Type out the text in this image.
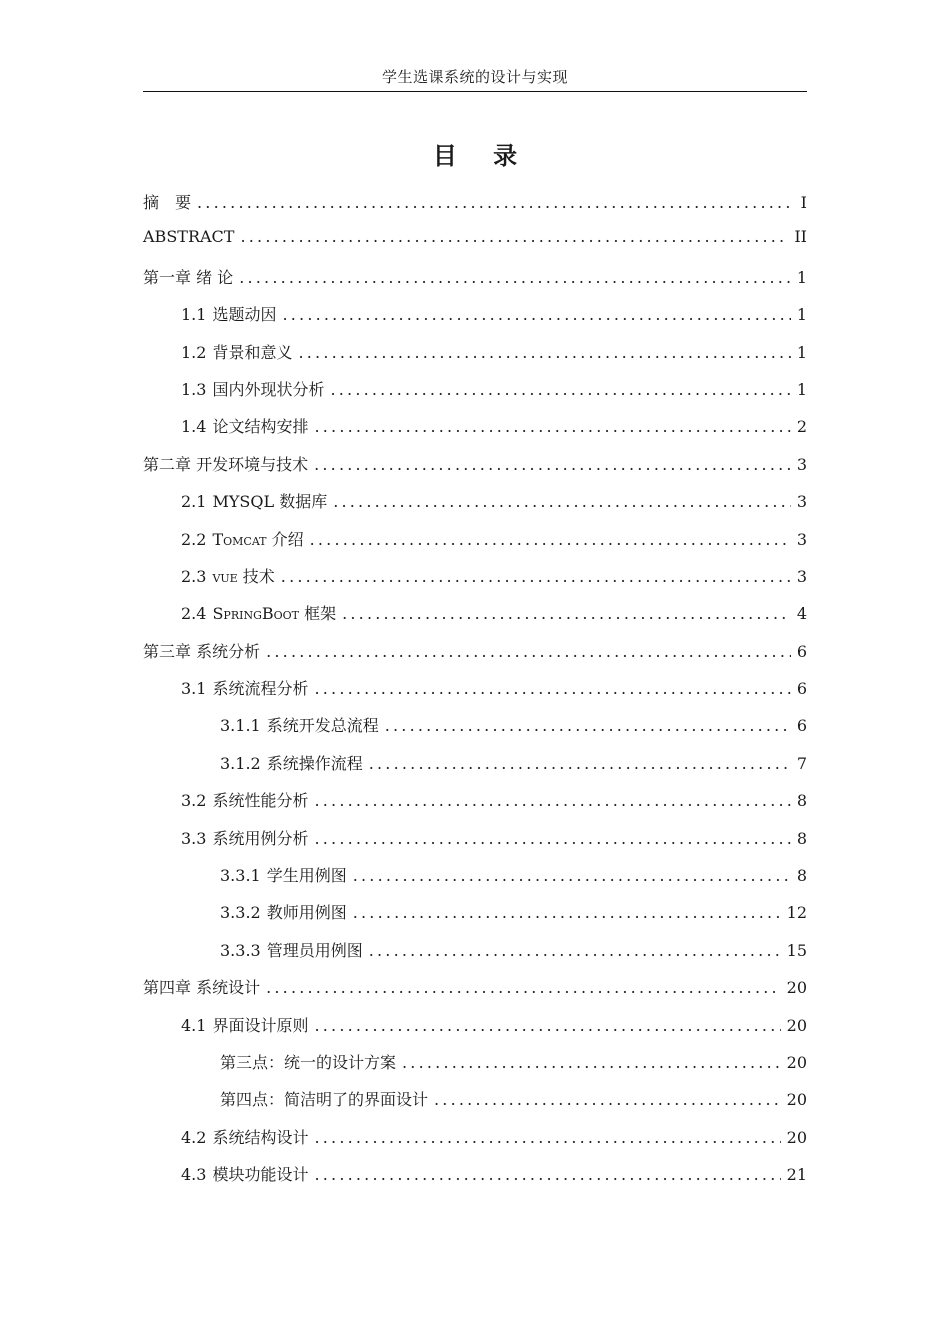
学生选课系统的设计与实现
目 录
摘　要 .....	I
ABSTRACT .....	II
第一章 绪 论 .....	1
1.1 选题动因 .....	1
1.2 背景和意义 .....	1
1.3 国内外现状分析 .....	1
1.4 论文结构安排 .....	2
第二章 开发环境与技术 .....	3
2.1 MYSQL 数据库 .....	3
2.2 Tomcat 介绍 .....	3
2.3 vue 技术 .....	3
2.4 SpringBoot 框架 .....	4
第三章 系统分析 .....	6
3.1 系统流程分析 .....	6
3.1.1 系统开发总流程 .....	6
3.1.2 系统操作流程 .....	7
3.2 系统性能分析 .....	8
3.3 系统用例分析 .....	8
3.3.1 学生用例图 .....	8
3.3.2 教师用例图 .....	12
3.3.3 管理员用例图 .....	15
第四章 系统设计 .....	20
4.1 界面设计原则 .....	20
第三点：统一的设计方案 .....	20
第四点：简洁明了的界面设计 .....	20
4.2 系统结构设计 .....	20
4.3 模块功能设计 .....	21
